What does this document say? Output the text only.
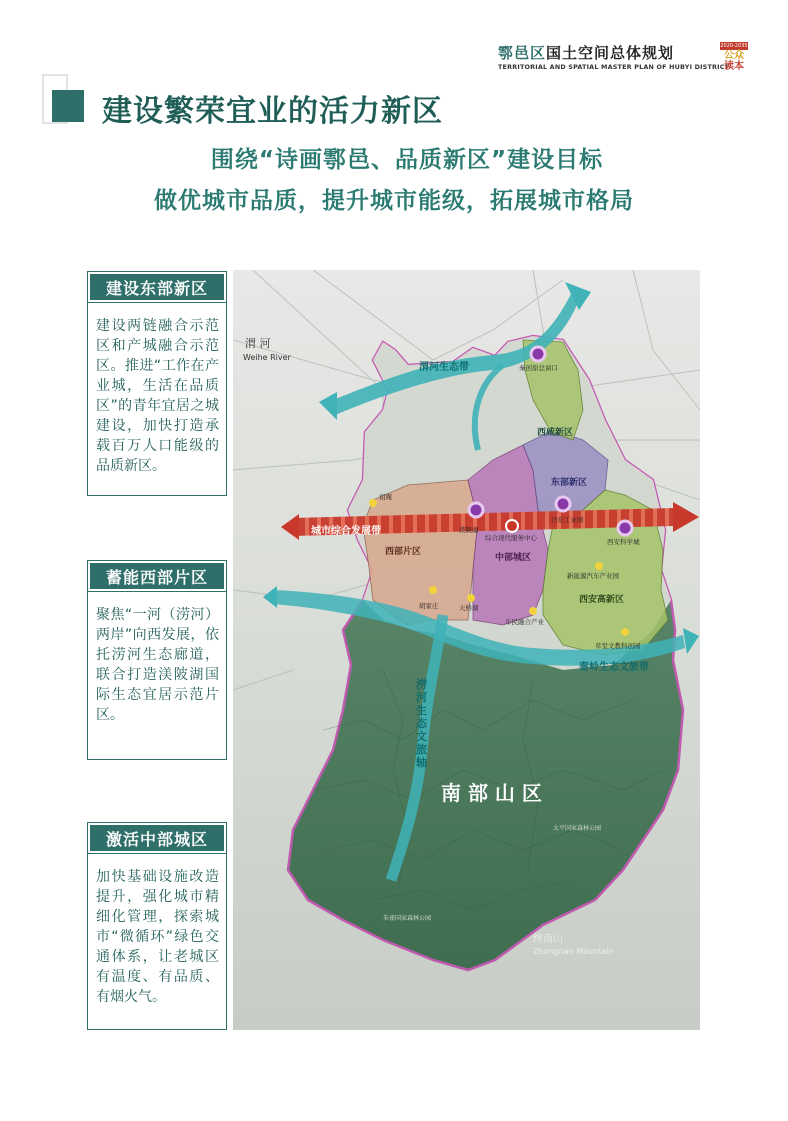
鄠邑区国土空间总体规划
TERRITORIAL AND SPATIAL MASTER PLAN OF HUBYI DISTRICT
2020-2035
公众
读本
建设繁荣宜业的活力新区
围绕“诗画鄠邑、品质新区”建设目标
做优城市品质，提升城市能级，拓展城市格局
建设东部新区
建设两链融合示范区和产城融合示范区。推进“工作在产业城，生活在品质区”的青年宜居之城建设，加快打造承载百万人口能级的品质新区。
蓄能西部片区
聚焦“一河（涝河）两岸”向西发展，依托涝河生态廊道，联合打造渼陂湖国际生态宜居示范片区。
激活中部城区
加快基础设施改造提升，强化城市精细化管理，探索城市“微循环”绿色交通体系，让老城区有温度、有品质、有烟火气。
渭 河
Weihe River
渭河生态带
城市综合发展带
秦岭生态文旅带
南 部 山 区
终南山
Zhongnan Mountain
太平国家森林公园
朱雀国家森林公园
西咸新区
东部新区
西部片区
中部城区
西安高新区
秦创原总窗口
祖庵
渼陂湖
综合现代服务中心
泾东工业园
西安科学城
新能源汽车产业园
胡家庄	天桥湖
车民融合产业
草堂文教科创园
涝河生态文旅轴
